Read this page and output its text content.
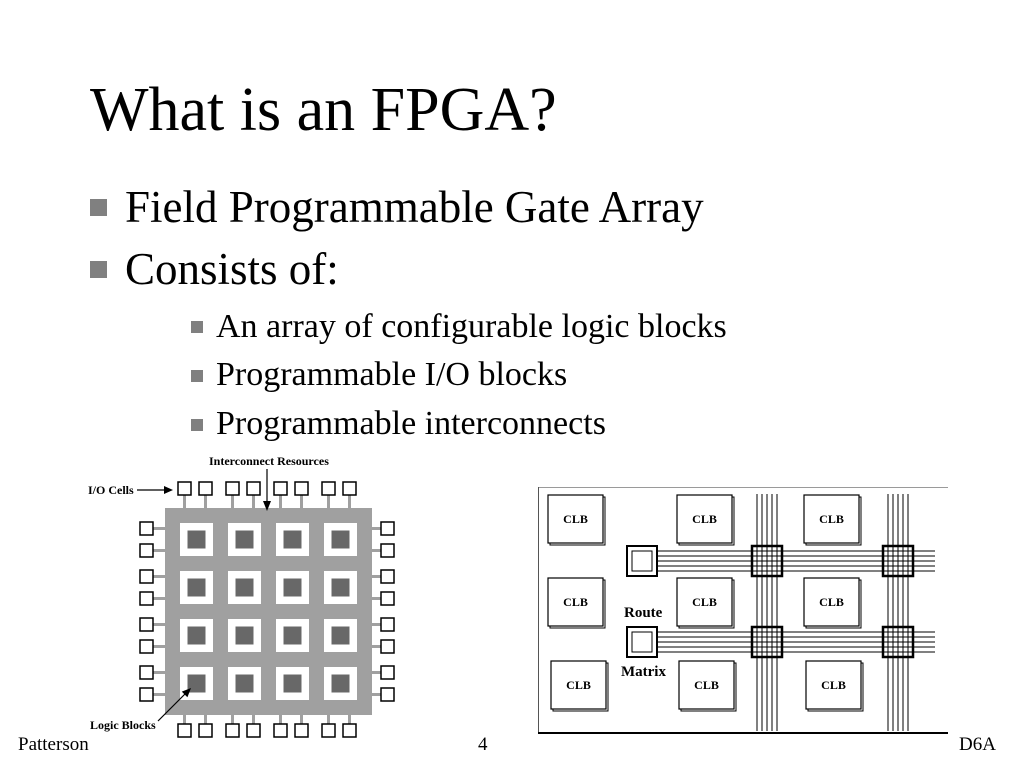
What is an FPGA?
Field Programmable Gate Array
Consists of:
An array of configurable logic blocks
Programmable I/O blocks
Programmable interconnects
Interconnect Resources
I/O Cells
Logic Blocks
CLB	CLB	CLB
CLB	CLB	CLB
CLB	CLB	CLB
Route
Matrix
Patterson	4	D6A
